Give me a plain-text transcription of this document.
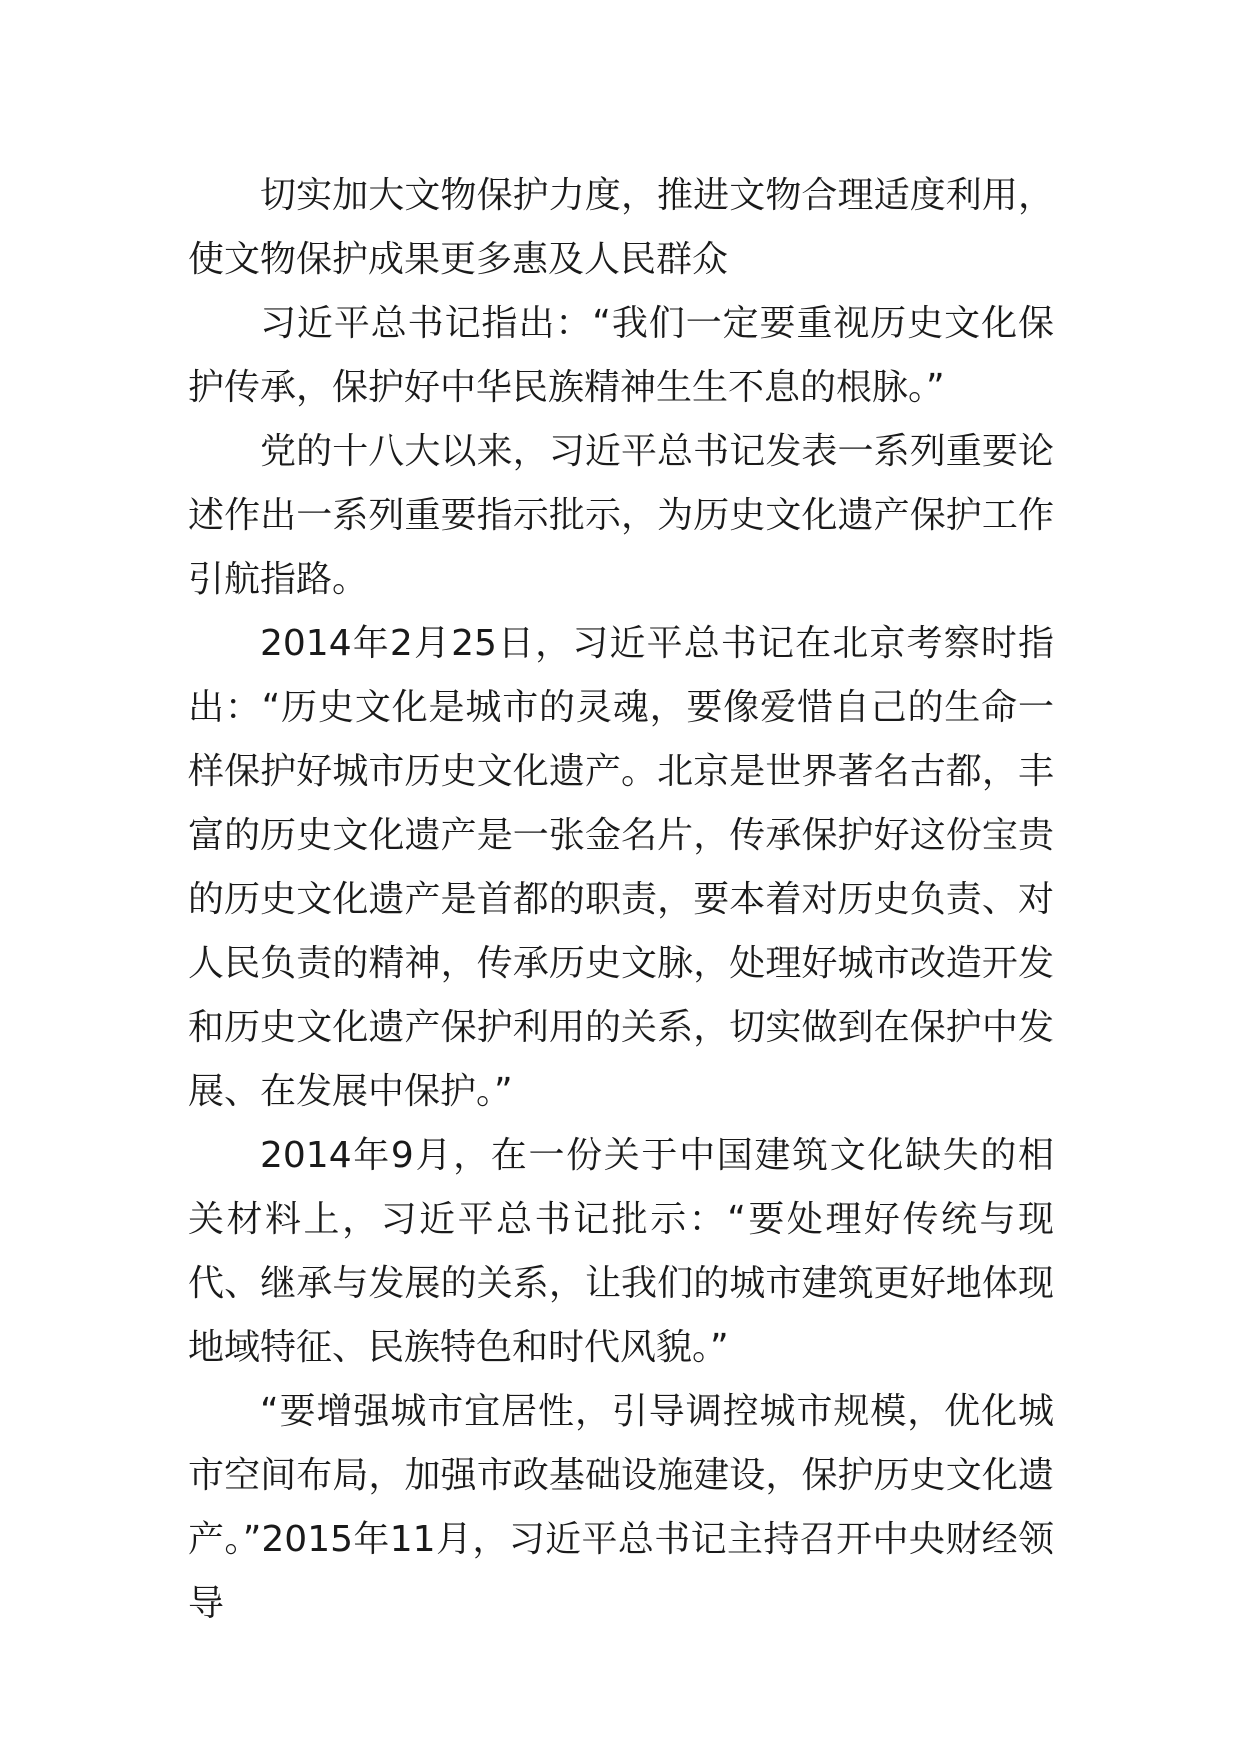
切实加大文物保护力度，推进文物合理适度利用，使文物保护成果更多惠及人民群众

习近平总书记指出：“我们一定要重视历史文化保护传承，保护好中华民族精神生生不息的根脉。”

党的十八大以来，习近平总书记发表一系列重要论述作出一系列重要指示批示，为历史文化遗产保护工作引航指路。

2014年2月25日，习近平总书记在北京考察时指出：“历史文化是城市的灵魂，要像爱惜自己的生命一样保护好城市历史文化遗产。北京是世界著名古都，丰富的历史文化遗产是一张金名片，传承保护好这份宝贵的历史文化遗产是首都的职责，要本着对历史负责、对人民负责的精神，传承历史文脉，处理好城市改造开发和历史文化遗产保护利用的关系，切实做到在保护中发展、在发展中保护。”

2014年9月，在一份关于中国建筑文化缺失的相关材料上，习近平总书记批示：“要处理好传统与现代、继承与发展的关系，让我们的城市建筑更好地体现地域特征、民族特色和时代风貌。”

“要增强城市宜居性，引导调控城市规模，优化城市空间布局，加强市政基础设施建设，保护历史文化遗产。”2015年11月，习近平总书记主持召开中央财经领导
